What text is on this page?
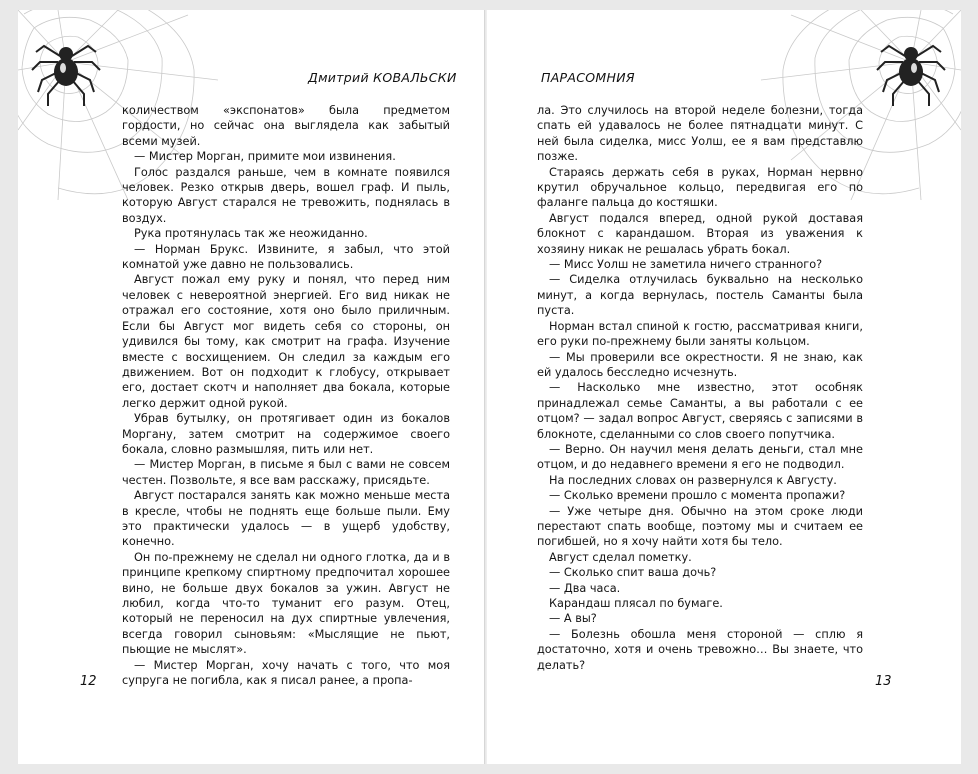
Дмитрий КОВАЛЬСКИ

количеством «экспонатов» была предметом гордости, но сейчас она выглядела как забытый всеми музей.

— Мистер Морган, примите мои извинения.

Голос раздался раньше, чем в комнате появился человек. Резко открыв дверь, вошел граф. И пыль, которую Август старался не тревожить, поднялась в воздух.

Рука протянулась так же неожиданно.

— Норман Брукс. Извините, я забыл, что этой комнатой уже давно не пользовались.

Август пожал ему руку и понял, что перед ним человек с невероятной энергией. Его вид никак не отражал его состояние, хотя оно было приличным. Если бы Август мог видеть себя со стороны, он удивился бы тому, как смотрит на графа. Изучение вместе с восхищением. Он следил за каждым его движением. Вот он подходит к глобусу, открывает его, достает скотч и наполняет два бокала, которые легко держит одной рукой.

Убрав бутылку, он протягивает один из бокалов Моргану, затем смотрит на содержимое своего бокала, словно размышляя, пить или нет.

— Мистер Морган, в письме я был с вами не совсем честен. Позвольте, я все вам расскажу, присядьте.

Август постарался занять как можно меньше места в кресле, чтобы не поднять еще больше пыли. Ему это практически удалось — в ущерб удобству, конечно.

Он по-прежнему не сделал ни одного глотка, да и в принципе крепкому спиртному предпочитал хорошее вино, не больше двух бокалов за ужин. Август не любил, когда что-то туманит его разум. Отец, который не переносил на дух спиртные увлечения, всегда говорил сыновьям: «Мыслящие не пьют, пьющие не мыслят».

— Мистер Морган, хочу начать с того, что моя супруга не погибла, как я писал ранее, а пропа-

12
ПАРАСОМНИЯ

ла. Это случилось на второй неделе болезни, тогда спать ей удавалось не более пятнадцати минут. С ней была сиделка, мисс Уолш, ее я вам представлю позже.

Стараясь держать себя в руках, Норман нервно крутил обручальное кольцо, передвигая его по фаланге пальца до костяшки.

Август подался вперед, одной рукой доставая блокнот с карандашом. Вторая из уважения к хозяину никак не решалась убрать бокал.

— Мисс Уолш не заметила ничего странного?

— Сиделка отлучилась буквально на несколько минут, а когда вернулась, постель Саманты была пуста.

Норман встал спиной к гостю, рассматривая книги, его руки по-прежнему были заняты кольцом.

— Мы проверили все окрестности. Я не знаю, как ей удалось бесследно исчезнуть.

— Насколько мне известно, этот особняк принадлежал семье Саманты, а вы работали с ее отцом? — задал вопрос Август, сверяясь с записями в блокноте, сделанными со слов своего попутчика.

— Верно. Он научил меня делать деньги, стал мне отцом, и до недавнего времени я его не подводил.

На последних словах он развернулся к Августу.

— Сколько времени прошло с момента пропажи?

— Уже четыре дня. Обычно на этом сроке люди перестают спать вообще, поэтому мы и считаем ее погибшей, но я хочу найти хотя бы тело.

Август сделал пометку.

— Сколько спит ваша дочь?

— Два часа.

Карандаш плясал по бумаге.

— А вы?

— Болезнь обошла меня стороной — сплю я достаточно, хотя и очень тревожно… Вы знаете, что делать?

13
